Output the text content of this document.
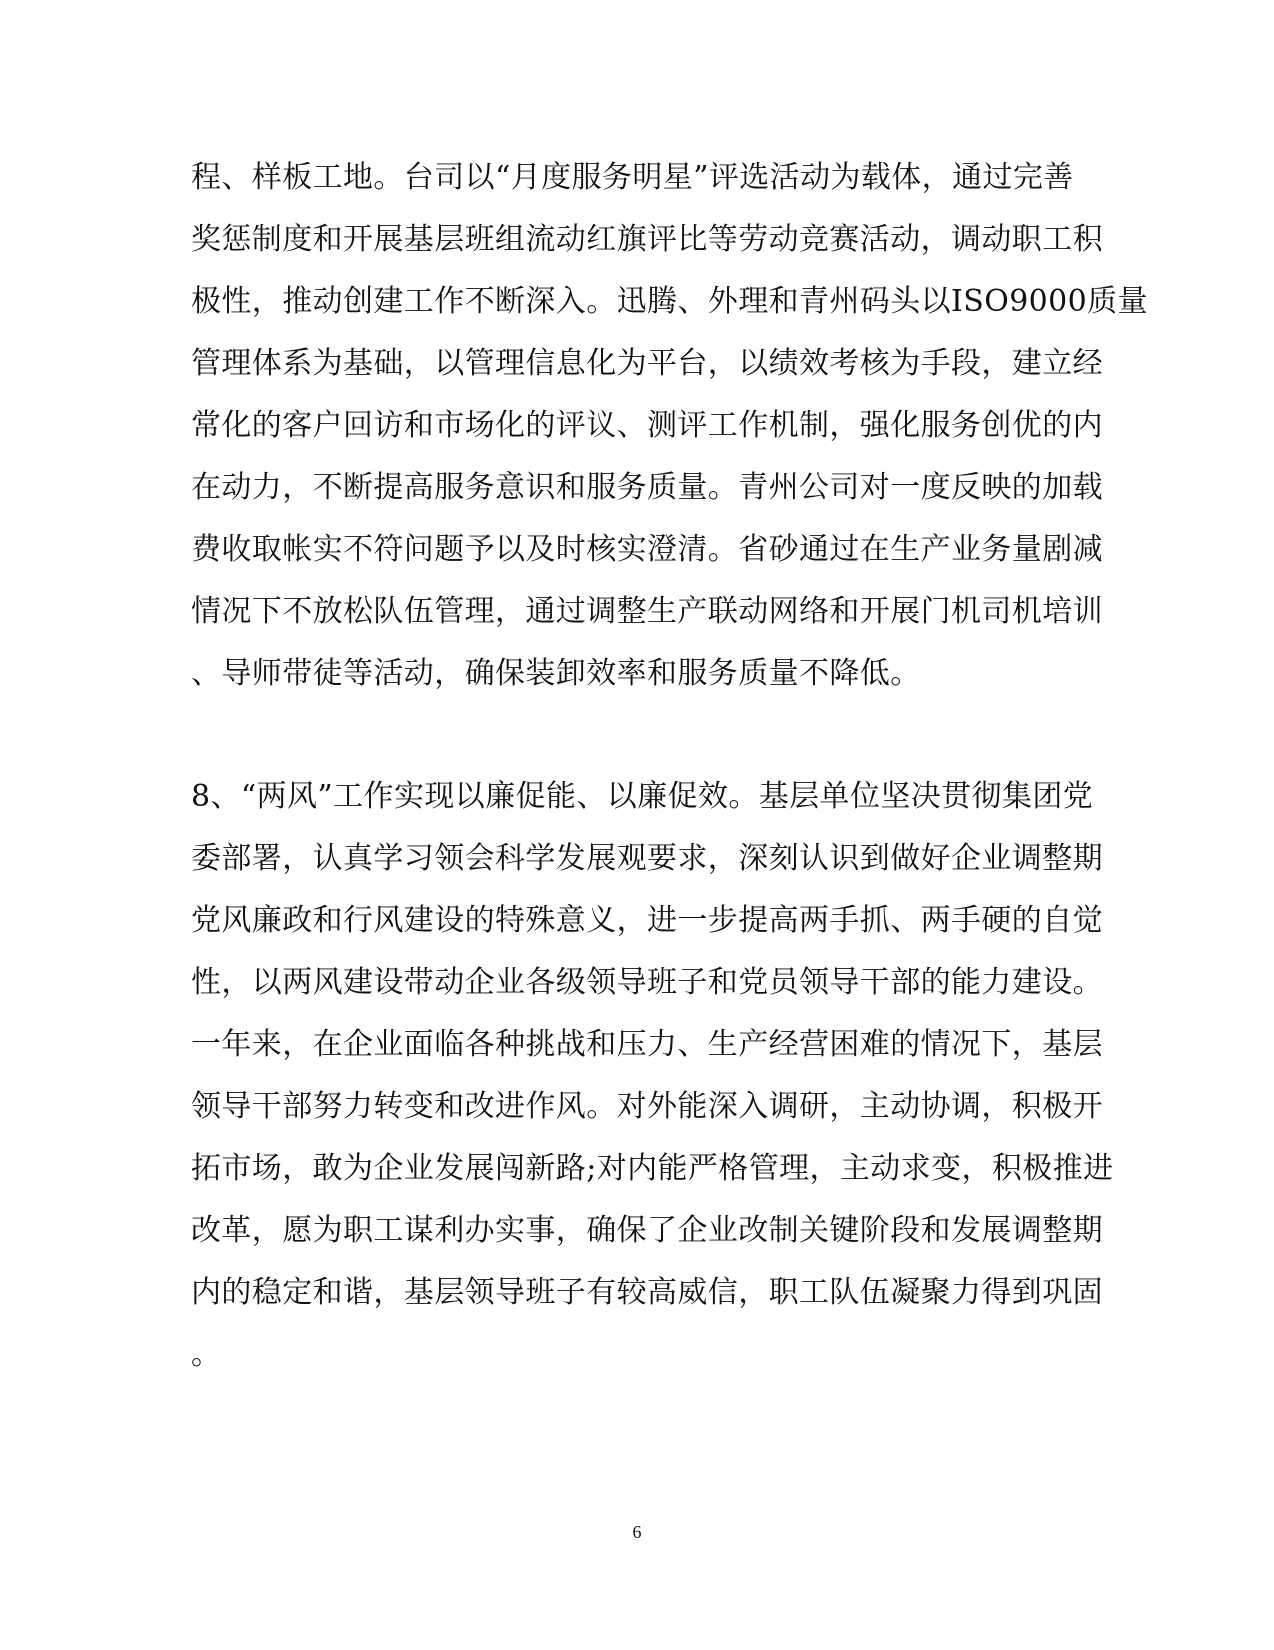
程、样板工地。台司以“月度服务明星”评选活动为载体，通过完善
奖惩制度和开展基层班组流动红旗评比等劳动竞赛活动，调动职工积
极性，推动创建工作不断深入。迅腾、外理和青州码头以ISO9000质量
管理体系为基础，以管理信息化为平台，以绩效考核为手段，建立经
常化的客户回访和市场化的评议、测评工作机制，强化服务创优的内
在动力，不断提高服务意识和服务质量。青州公司对一度反映的加载
费收取帐实不符问题予以及时核实澄清。省砂通过在生产业务量剧减
情况下不放松队伍管理，通过调整生产联动网络和开展门机司机培训
、导师带徒等活动，确保装卸效率和服务质量不降低。
8、“两风”工作实现以廉促能、以廉促效。基层单位坚决贯彻集团党
委部署，认真学习领会科学发展观要求，深刻认识到做好企业调整期
党风廉政和行风建设的特殊意义，进一步提高两手抓、两手硬的自觉
性，以两风建设带动企业各级领导班子和党员领导干部的能力建设。
一年来，在企业面临各种挑战和压力、生产经营困难的情况下，基层
领导干部努力转变和改进作风。对外能深入调研，主动协调，积极开
拓市场，敢为企业发展闯新路;对内能严格管理，主动求变，积极推进
改革，愿为职工谋利办实事，确保了企业改制关键阶段和发展调整期
内的稳定和谐，基层领导班子有较高威信，职工队伍凝聚力得到巩固
。
6
